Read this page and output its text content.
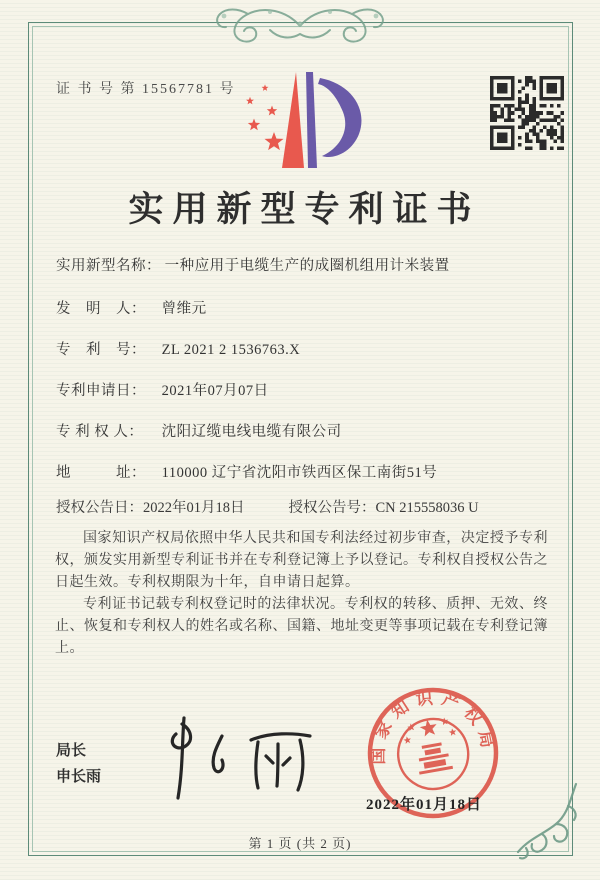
证 书 号 第 15567781 号
实用新型专利证书
实用新型名称： 一种应用于电缆生产的成圈机组用计米装置
发　明　人： 曾维元
专　利　号： ZL 2021 2 1536763.X
专利申请日： 2021年07月07日
专 利 权 人： 沈阳辽缆电线电缆有限公司
地　　　址： 110000 辽宁省沈阳市铁西区保工南街51号
授权公告日：2022年01月18日	授权公告号：CN 215558036 U

国家知识产权局依照中华人民共和国专利法经过初步审查，决定授予专利权，颁发实用新型专利证书并在专利登记簿上予以登记。专利权自授权公告之日起生效。专利权期限为十年，自申请日起算。

专利证书记载专利权登记时的法律状况。专利权的转移、质押、无效、终止、恢复和专利权人的姓名或名称、国籍、地址变更等事项记载在专利登记簿上。

局长
申长雨
国家知识产权局
2022年01月18日
第 1 页 (共 2 页)
